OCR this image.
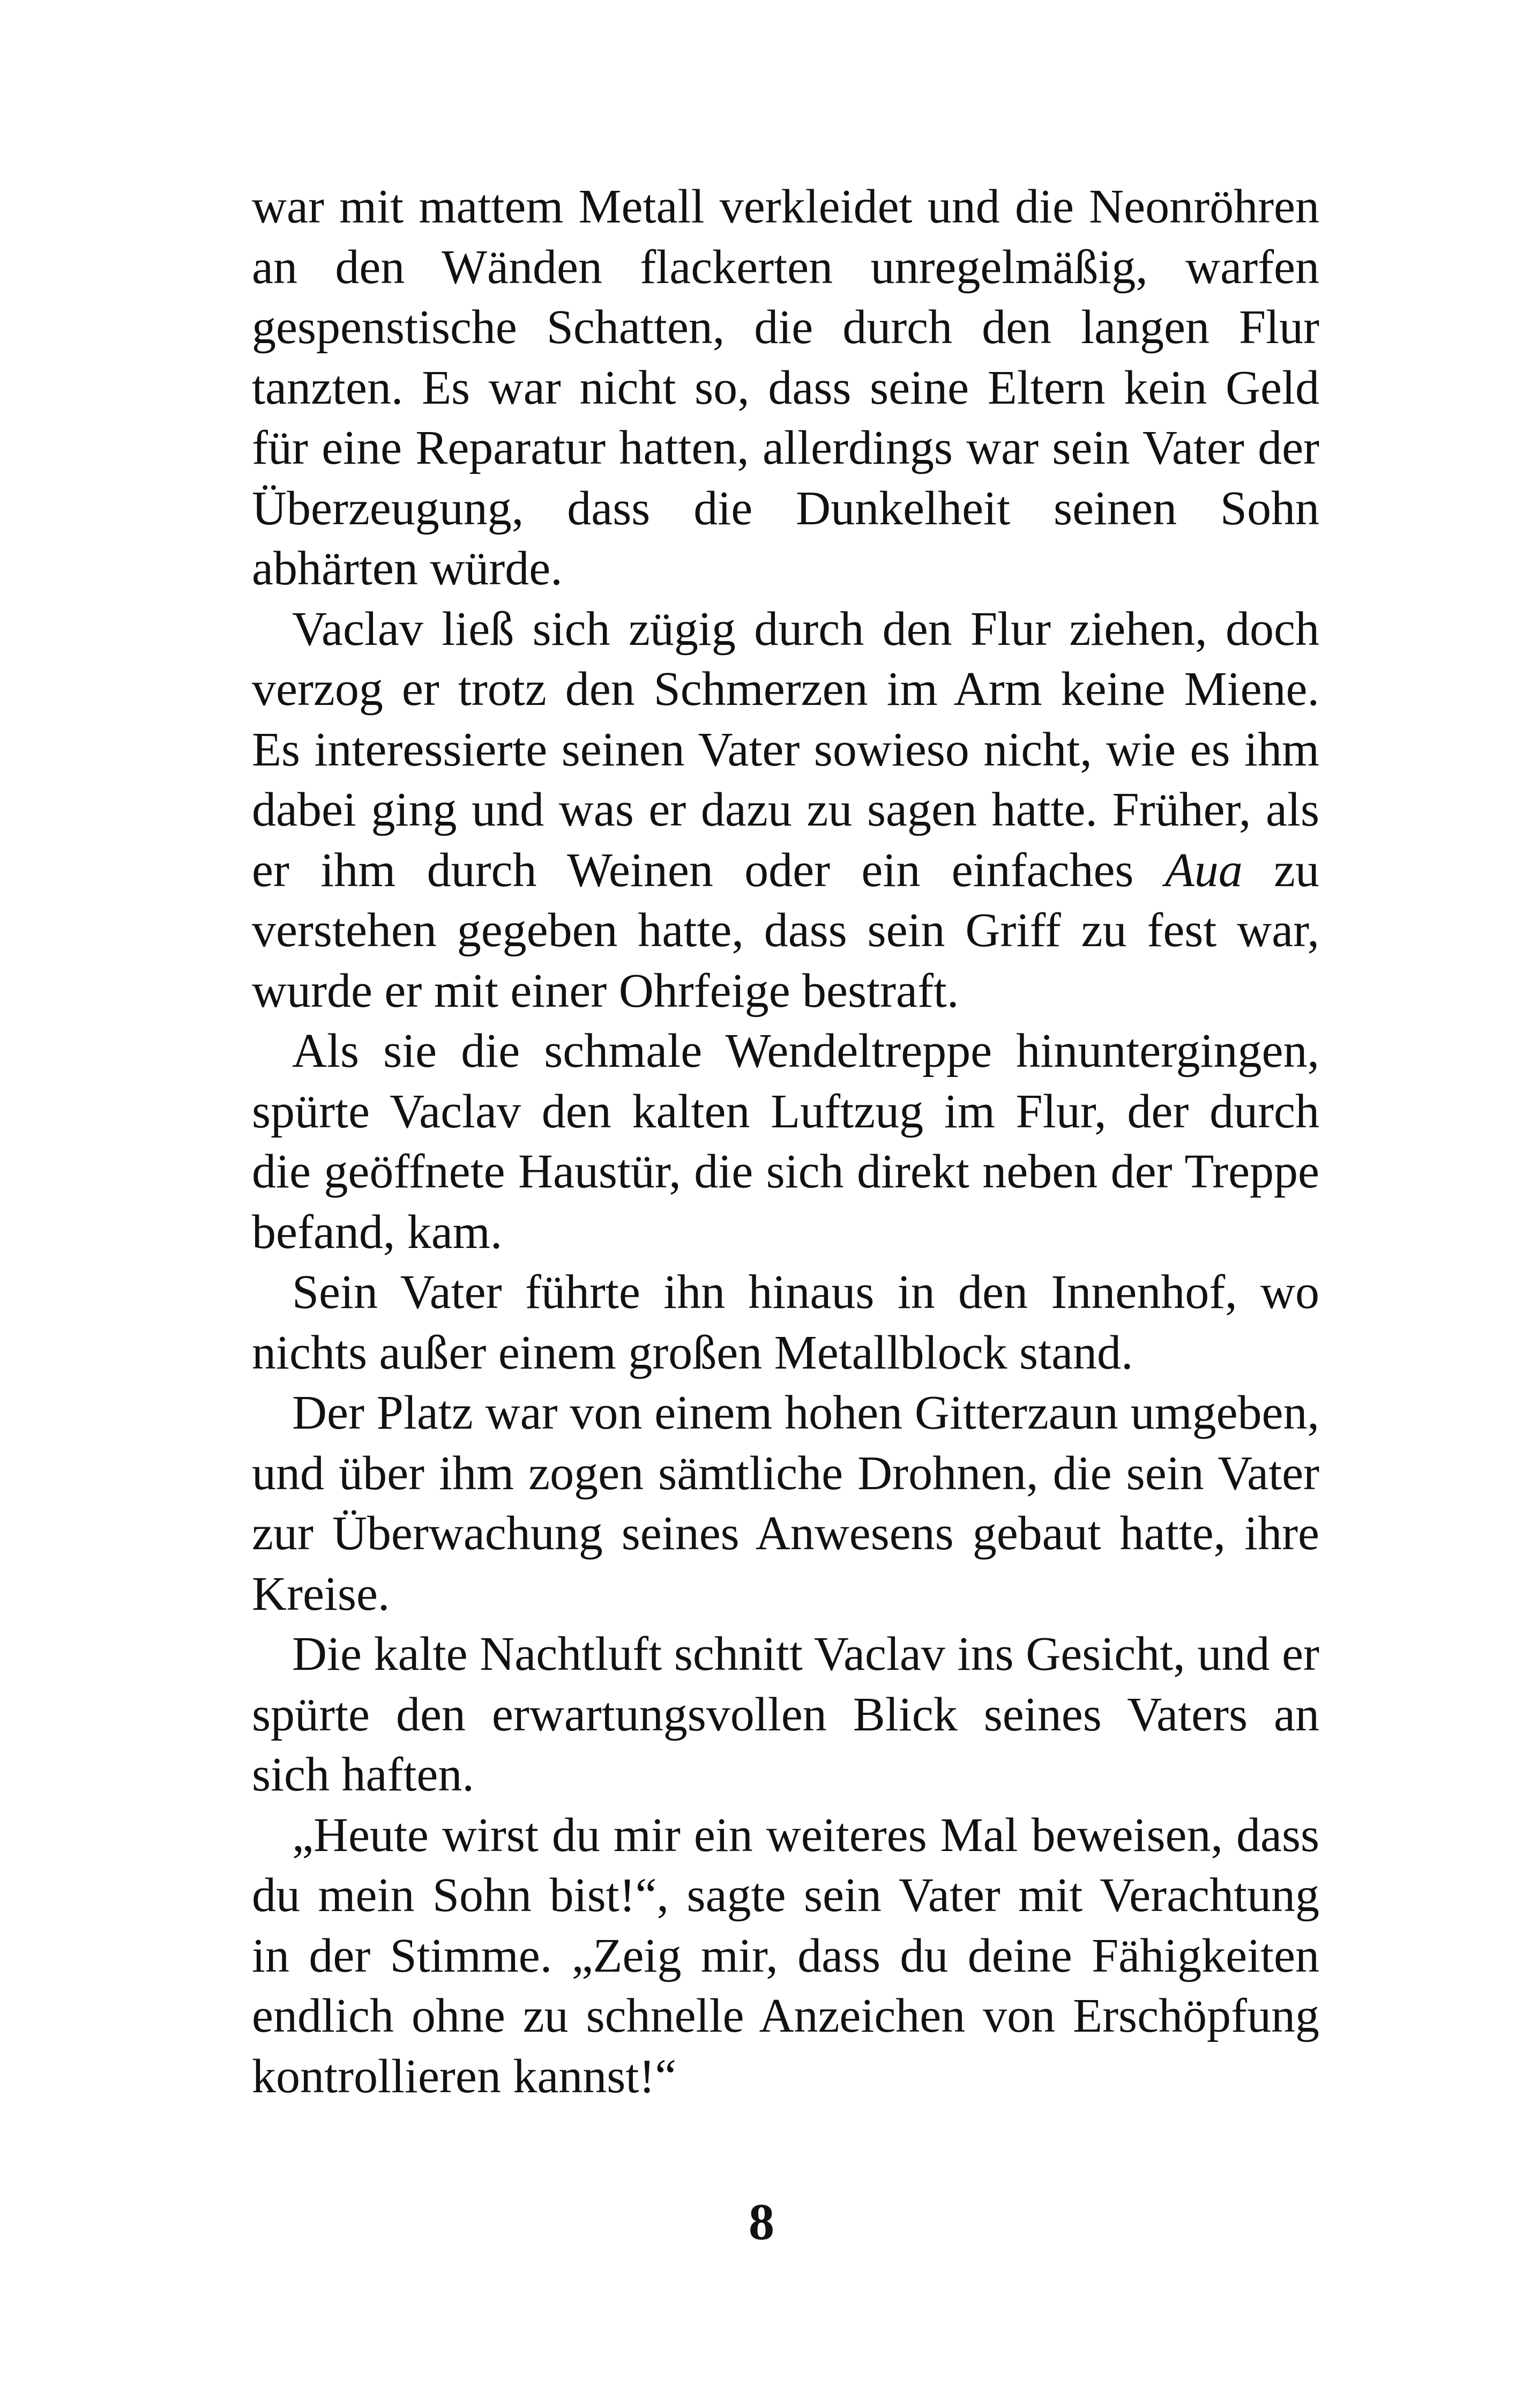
war mit mattem Metall verkleidet und die Neonröhren an den Wänden flackerten unregelmäßig, warfen gespenstische Schatten, die durch den langen Flur tanzten. Es war nicht so, dass seine Eltern kein Geld für eine Reparatur hatten, allerdings war sein Vater der Überzeugung, dass die Dunkelheit seinen Sohn abhärten würde.

Vaclav ließ sich zügig durch den Flur ziehen, doch verzog er trotz den Schmerzen im Arm keine Miene. Es interessierte seinen Vater sowieso nicht, wie es ihm dabei ging und was er dazu zu sagen hatte. Früher, als er ihm durch Weinen oder ein einfaches Aua zu verstehen gegeben hatte, dass sein Griff zu fest war, wurde er mit einer Ohrfeige bestraft.

Als sie die schmale Wendeltreppe hinuntergingen, spürte Vaclav den kalten Luftzug im Flur, der durch die geöffnete Haustür, die sich direkt neben der Treppe befand, kam.

Sein Vater führte ihn hinaus in den Innenhof, wo nichts außer einem großen Metallblock stand.

Der Platz war von einem hohen Gitterzaun umgeben, und über ihm zogen sämtliche Drohnen, die sein Vater zur Überwachung seines Anwesens gebaut hatte, ihre Kreise.

Die kalte Nachtluft schnitt Vaclav ins Gesicht, und er spürte den erwartungsvollen Blick seines Vaters an sich haften.

„Heute wirst du mir ein weiteres Mal beweisen, dass du mein Sohn bist!“, sagte sein Vater mit Verachtung in der Stimme. „Zeig mir, dass du deine Fähigkeiten endlich ohne zu schnelle Anzeichen von Erschöpfung kontrollieren kannst!“

8
